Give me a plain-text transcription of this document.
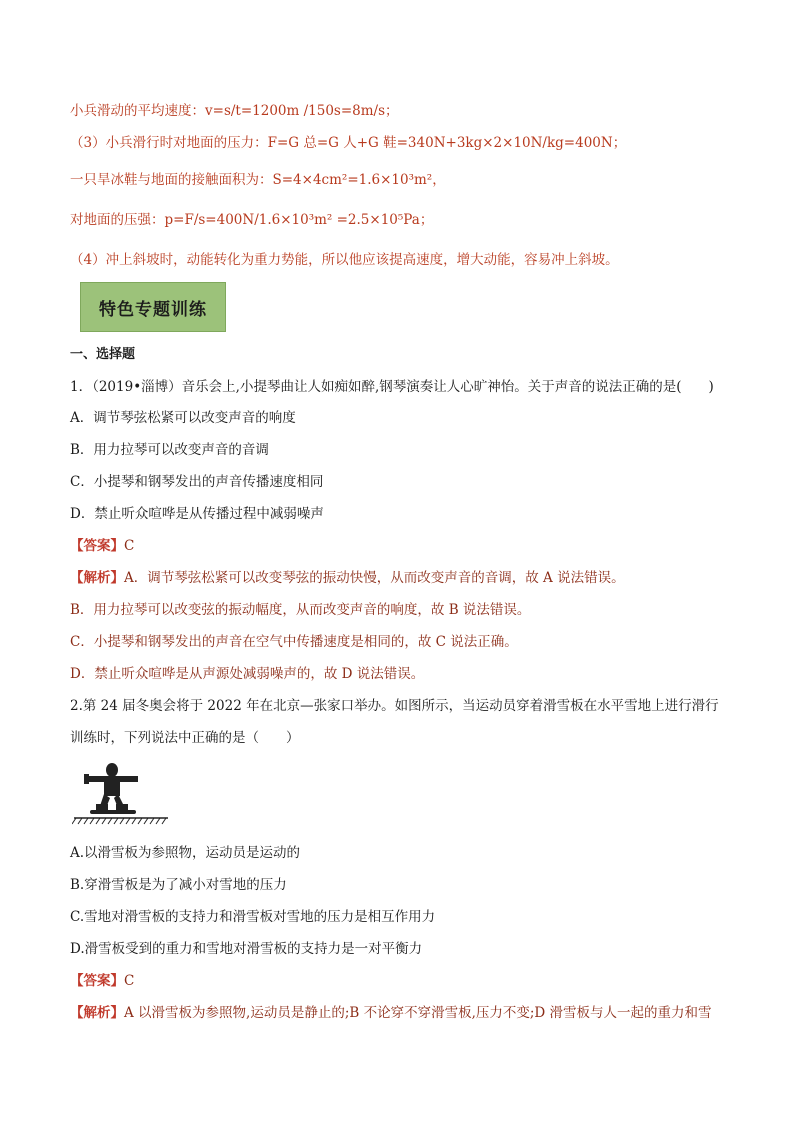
小兵滑动的平均速度：v=s/t=1200m /150s=8m/s；
（3）小兵滑行时对地面的压力：F=G 总=G 人+G 鞋=340N+3kg×2×10N/kg=400N；
一只旱冰鞋与地面的接触面积为：S=4×4cm²=1.6×10³m²，
对地面的压强：p=F/s=400N/1.6×10³m² =2.5×10⁵Pa；
（4）冲上斜坡时，动能转化为重力势能，所以他应该提高速度，增大动能，容易冲上斜坡。
特色专题训练
一、选择题
1．（2019•淄博）音乐会上,小提琴曲让人如痴如醉,钢琴演奏让人心旷神怡。关于声音的说法正确的是(　　)
A．调节琴弦松紧可以改变声音的响度
B．用力拉琴可以改变声音的音调
C．小提琴和钢琴发出的声音传播速度相同
D．禁止听众喧哗是从传播过程中减弱噪声
【答案】C
【解析】A．调节琴弦松紧可以改变琴弦的振动快慢，从而改变声音的音调，故 A 说法错误。
B．用力拉琴可以改变弦的振动幅度，从而改变声音的响度，故 B 说法错误。
C．小提琴和钢琴发出的声音在空气中传播速度是相同的，故 C 说法正确。
D．禁止听众喧哗是从声源处减弱噪声的，故 D 说法错误。
2.第 24 届冬奥会将于 2022 年在北京—张家口举办。如图所示，当运动员穿着滑雪板在水平雪地上进行滑行
训练时，下列说法中正确的是（　　）
A.以滑雪板为参照物，运动员是运动的
B.穿滑雪板是为了减小对雪地的压力
C.雪地对滑雪板的支持力和滑雪板对雪地的压力是相互作用力
D.滑雪板受到的重力和雪地对滑雪板的支持力是一对平衡力
【答案】C
【解析】A 以滑雪板为参照物,运动员是静止的;B 不论穿不穿滑雪板,压力不变;D 滑雪板与人一起的重力和雪
